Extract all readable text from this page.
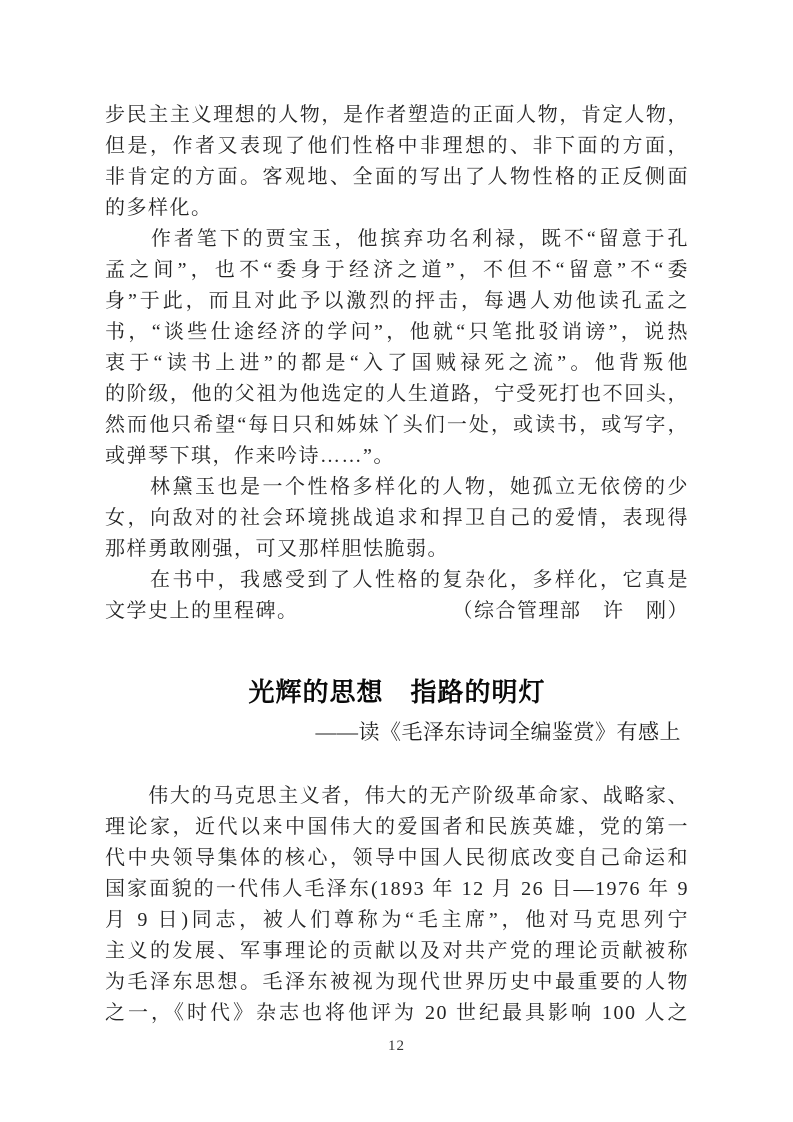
步民主主义理想的人物，是作者塑造的正面人物，肯定人物，
但是，作者又表现了他们性格中非理想的、非下面的方面，
非肯定的方面。客观地、全面的写出了人物性格的正反侧面
的多样化。
　　作者笔下的贾宝玉，他摈弃功名利禄，既不“留意于孔
孟之间”，也不“委身于经济之道”，不但不“留意”不“委
身”于此，而且对此予以激烈的抨击，每遇人劝他读孔孟之
书，“谈些仕途经济的学问”，他就“只笔批驳诮谤”，说热
衷于“读书上进”的都是“入了国贼禄死之流”。他背叛他
的阶级，他的父祖为他选定的人生道路，宁受死打也不回头，
然而他只希望“每日只和姊妹丫头们一处，或读书，或写字，
或弹琴下琪，作来吟诗……”。
　　林黛玉也是一个性格多样化的人物，她孤立无依傍的少
女，向敌对的社会环境挑战追求和捍卫自己的爱情，表现得
那样勇敢刚强，可又那样胆怯脆弱。
　　在书中，我感受到了人性格的复杂化，多样化，它真是
文学史上的里程碑。	（综合管理部　许　刚）
光辉的思想　指路的明灯
——读《毛泽东诗词全编鉴赏》有感上
　　伟大的马克思主义者，伟大的无产阶级革命家、战略家、
理论家，近代以来中国伟大的爱国者和民族英雄，党的第一
代中央领导集体的核心，领导中国人民彻底改变自己命运和
国家面貌的一代伟人毛泽东(1893 年 12 月 26 日—1976 年 9
月 9 日)同志，被人们尊称为“毛主席”，他对马克思列宁
主义的发展、军事理论的贡献以及对共产党的理论贡献被称
为毛泽东思想。毛泽东被视为现代世界历史中最重要的人物
之一，《时代》杂志也将他评为 20 世纪最具影响 100 人之
12
